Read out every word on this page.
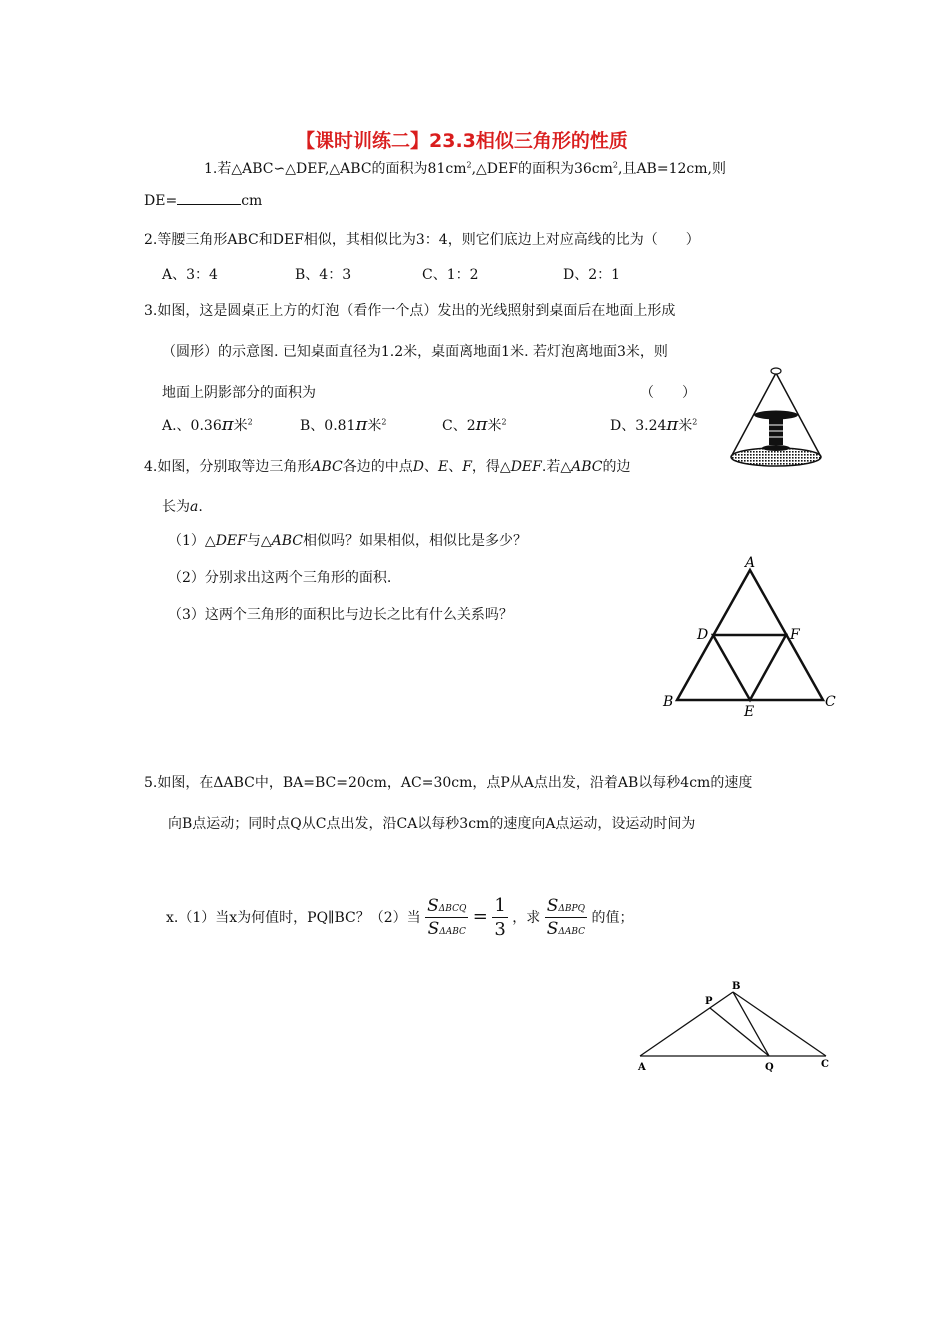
【课时训练二】23.3相似三角形的性质
1.若△ABC∽△DEF,△ABC的面积为$81cm^2,\triangle DEF$的面积为$36cm^2$,且AB=12cm,则
DE=	cm
2.等腰三角形ABC和DEF相似，其相似比为3：4，则它们底边上对应高线的比为（　　）
A、3：4	B、4：3	C、1：2	D、2：1
3.如图，这是圆桌正上方的灯泡（看作一个点）发出的光线照射到桌面后在地面上形成
（圆形）的示意图. 已知桌面直径为1.2米，桌面离地面1米. 若灯泡离地面3米，则
地面上阴影部分的面积为	（　　）
A.、0.36π米$^2$	B、0.81π米$^2$	C、2π米$^2$	D、3.24π米$^2$
4.如图，分别取等边三角形ABC各边的中点D、E、F，得△DEF.若△ABC的边
长为a.
（1）△DEF与△ABC相似吗？如果相似，相似比是多少？
（2）分别求出这两个三角形的面积.
（3）这两个三角形的面积比与边长之比有什么关系吗？
A
B	C
D
E
F
5.如图，在ΔABC中，BA=BC=20cm，AC=30cm，点P从A点出发，沿着AB以每秒4cm的速度
向B点运动；同时点Q从C点出发，沿CA以每秒3cm的速度向A点运动，设运动时间为
x.（1）当x为何值时，PQ∥BC？（2）当 $\frac{\text{SΔBCQ}}{\text{SΔABC}} = \frac{1}{3}$ ，求 $\frac{\text{SΔBPQ}}{\text{SΔABC}}$ 的值；
A
B
C
P
Q
